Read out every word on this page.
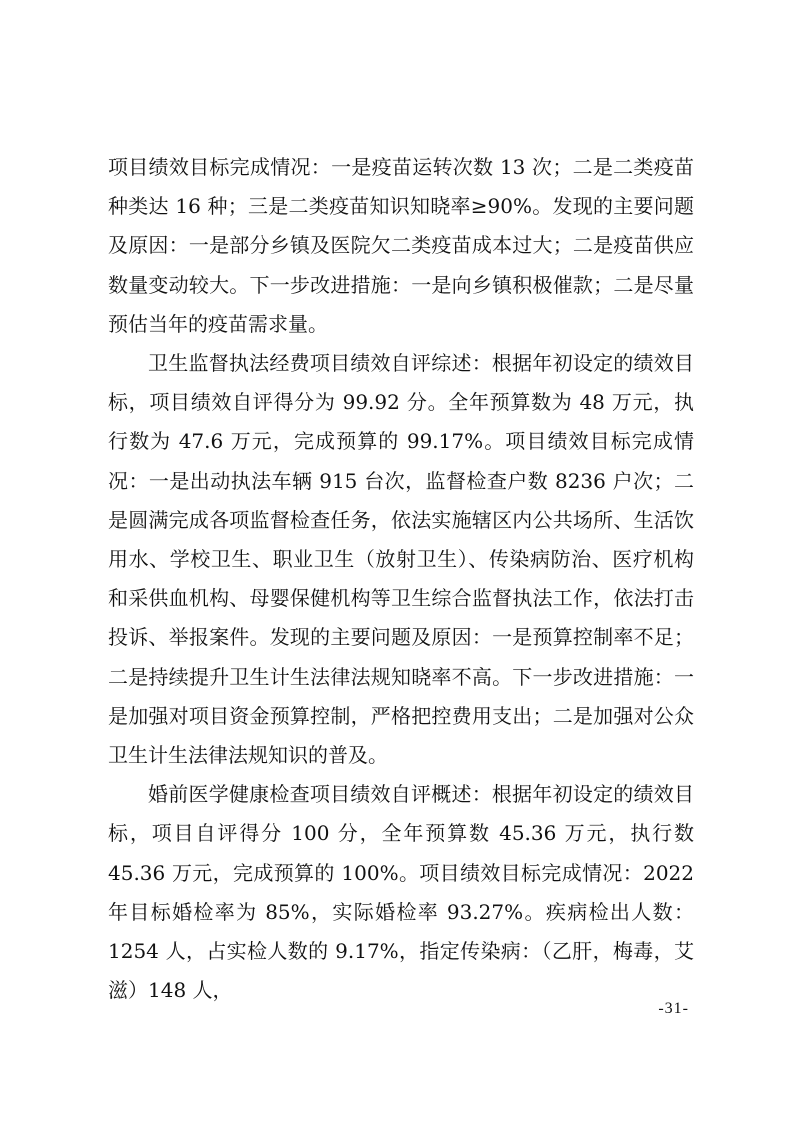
项目绩效目标完成情况：一是疫苗运转次数 13 次；二是二类疫苗种类达 16 种；三是二类疫苗知识知晓率≥90%。发现的主要问题及原因：一是部分乡镇及医院欠二类疫苗成本过大；二是疫苗供应数量变动较大。下一步改进措施：一是向乡镇积极催款；二是尽量预估当年的疫苗需求量。

卫生监督执法经费项目绩效自评综述：根据年初设定的绩效目标，项目绩效自评得分为 99.92 分。全年预算数为 48 万元，执行数为 47.6 万元，完成预算的 99.17%。项目绩效目标完成情况：一是出动执法车辆 915 台次，监督检查户数 8236 户次；二是圆满完成各项监督检查任务，依法实施辖区内公共场所、生活饮用水、学校卫生、职业卫生（放射卫生）、传染病防治、医疗机构和采供血机构、母婴保健机构等卫生综合监督执法工作，依法打击投诉、举报案件。发现的主要问题及原因：一是预算控制率不足；二是持续提升卫生计生法律法规知晓率不高。下一步改进措施：一是加强对项目资金预算控制，严格把控费用支出；二是加强对公众卫生计生法律法规知识的普及。

婚前医学健康检查项目绩效自评概述：根据年初设定的绩效目标，项目自评得分 100 分，全年预算数 45.36 万元，执行数 45.36 万元，完成预算的 100%。项目绩效目标完成情况：2022 年目标婚检率为 85%，实际婚检率 93.27%。疾病检出人数：1254 人，占实检人数的 9.17%，指定传染病：（乙肝，梅毒，艾滋）148 人，

-31-
